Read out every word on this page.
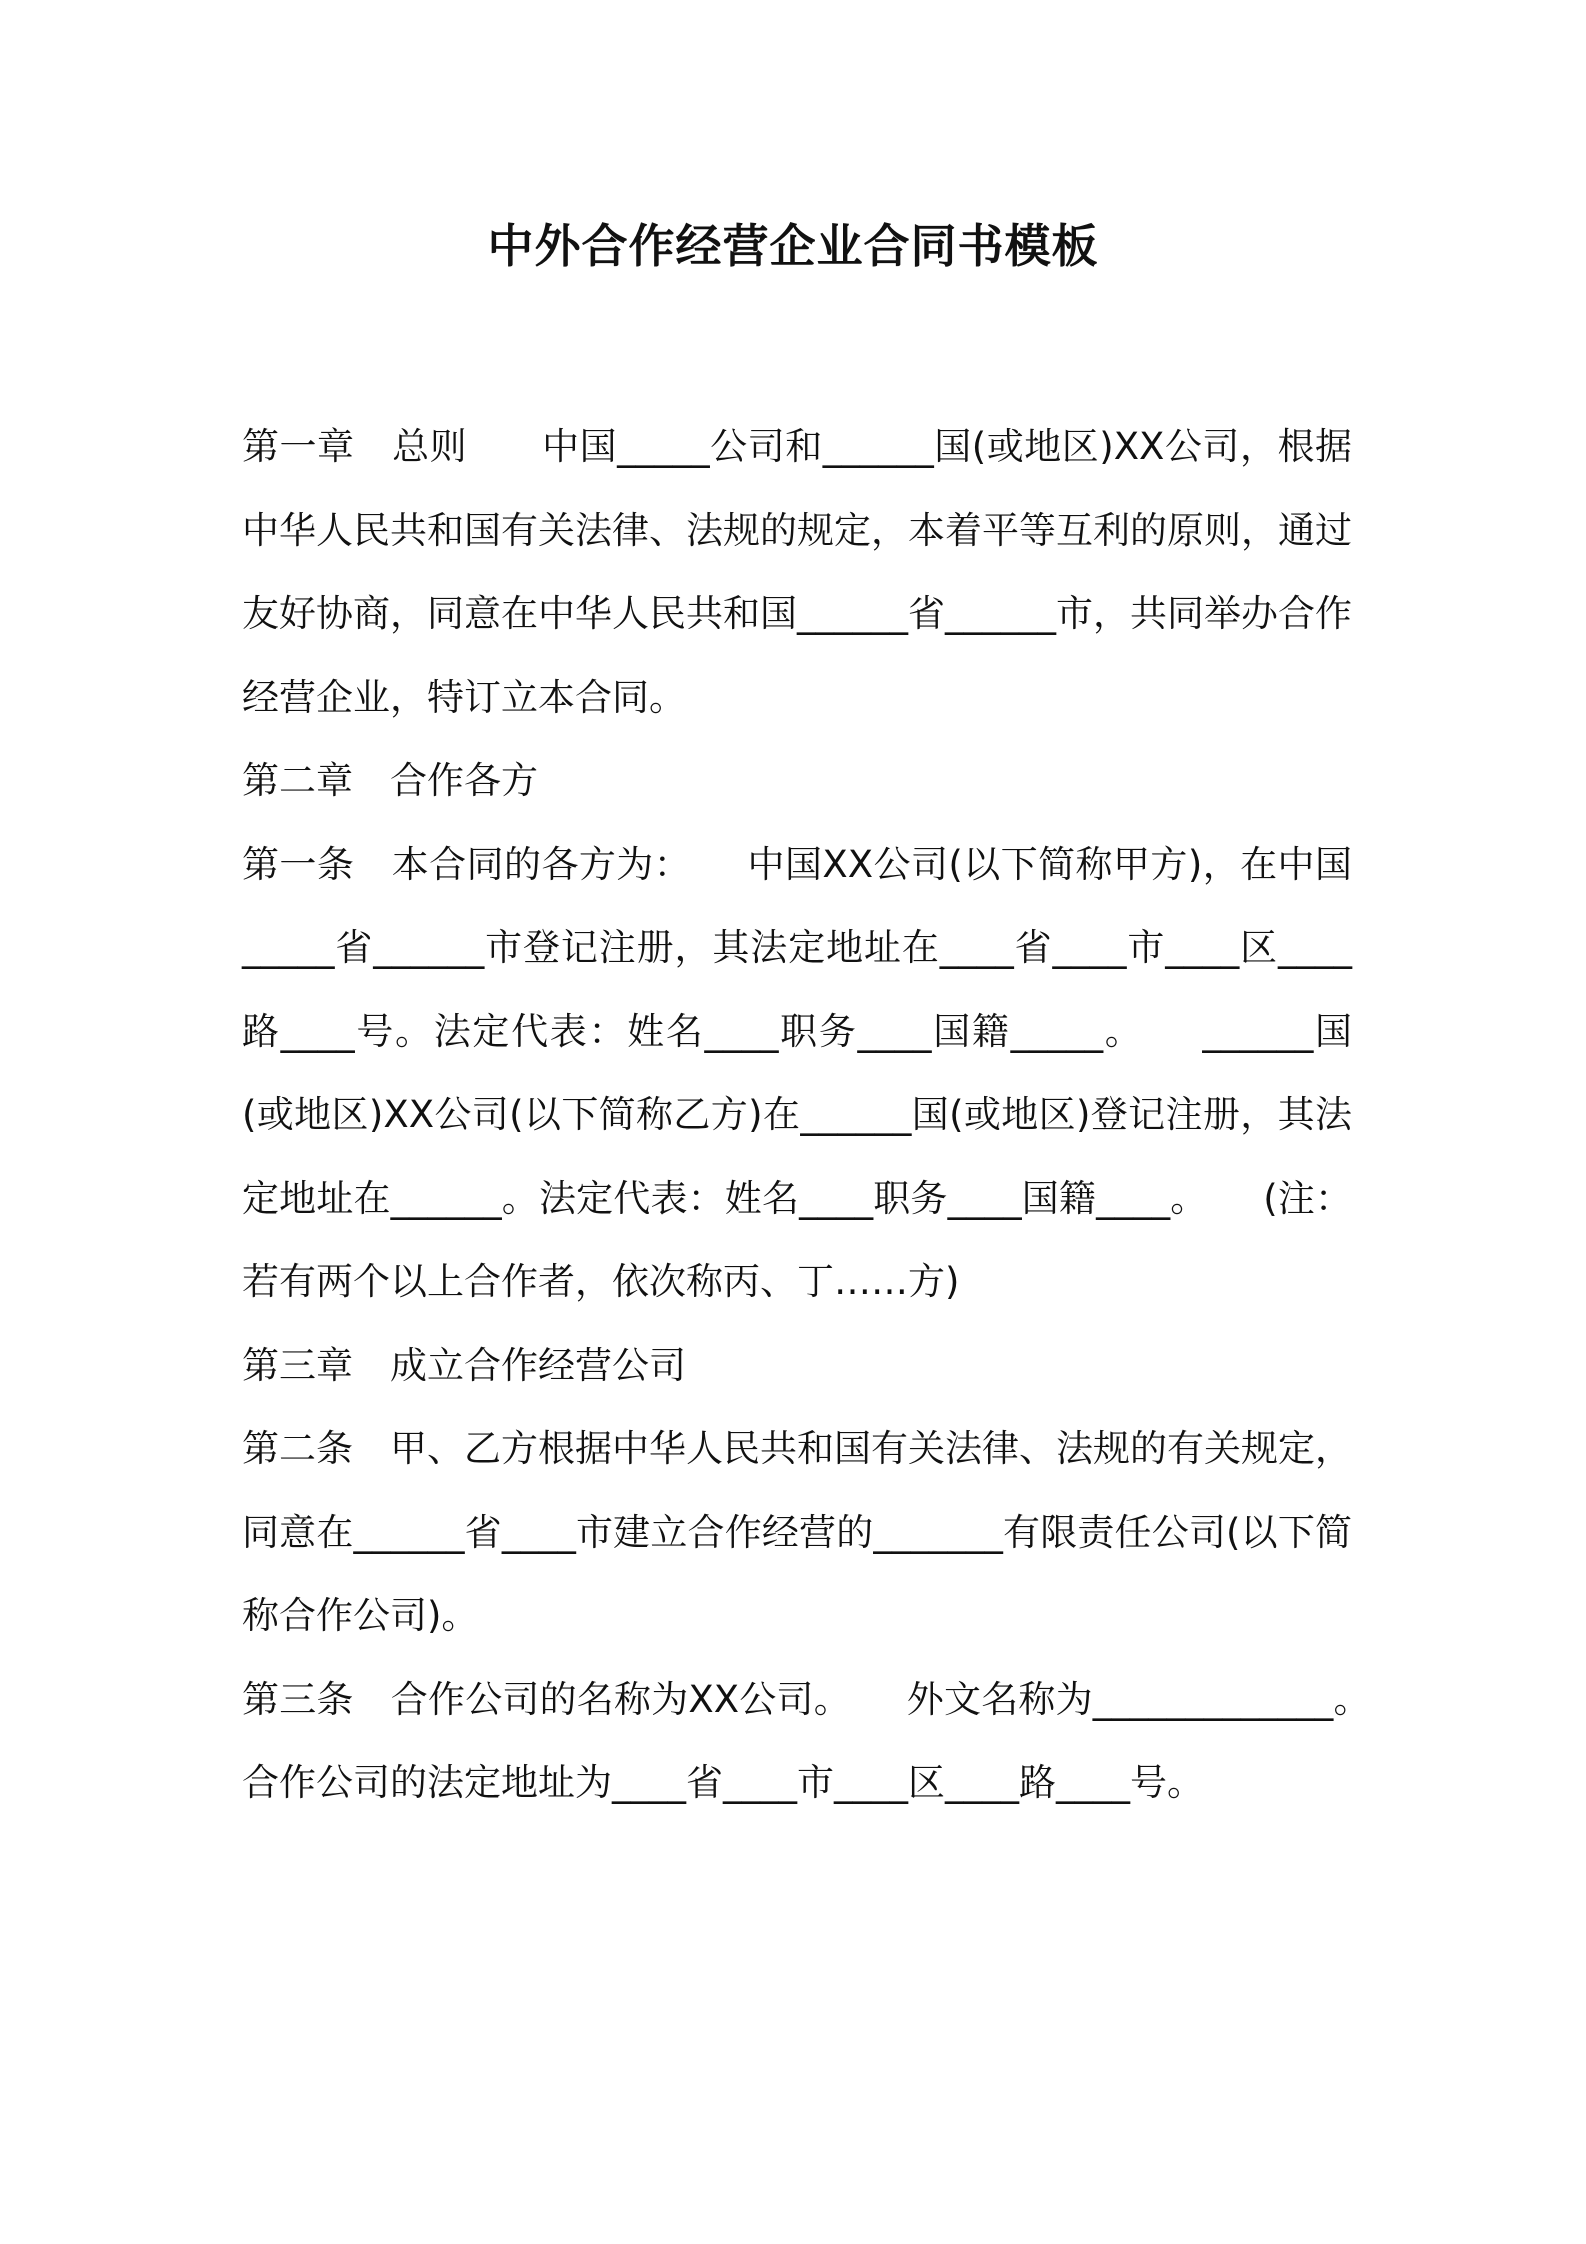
中外合作经营企业合同书模板

第一章　总则　　中国_____公司和______国(或地区)XX公司，根据中华人民共和国有关法律、法规的规定，本着平等互利的原则，通过友好协商，同意在中华人民共和国______省______市，共同举办合作经营企业，特订立本合同。

第二章　合作各方

第一条　本合同的各方为：　　中国XX公司(以下简称甲方)，在中国_____省______市登记注册，其法定地址在____省____市____区____路____号。法定代表：姓名____职务____国籍_____。　　______国(或地区)XX公司(以下简称乙方)在______国(或地区)登记注册，其法定地址在______。法定代表：姓名____职务____国籍____。　　(注：若有两个以上合作者，依次称丙、丁……方)

第三章　成立合作经营公司

第二条　甲、乙方根据中华人民共和国有关法律、法规的有关规定，同意在______省____市建立合作经营的_______有限责任公司(以下简称合作公司)。

第三条　合作公司的名称为XX公司。　　外文名称为_____________。　　合作公司的法定地址为____省____市____区____路____号。
